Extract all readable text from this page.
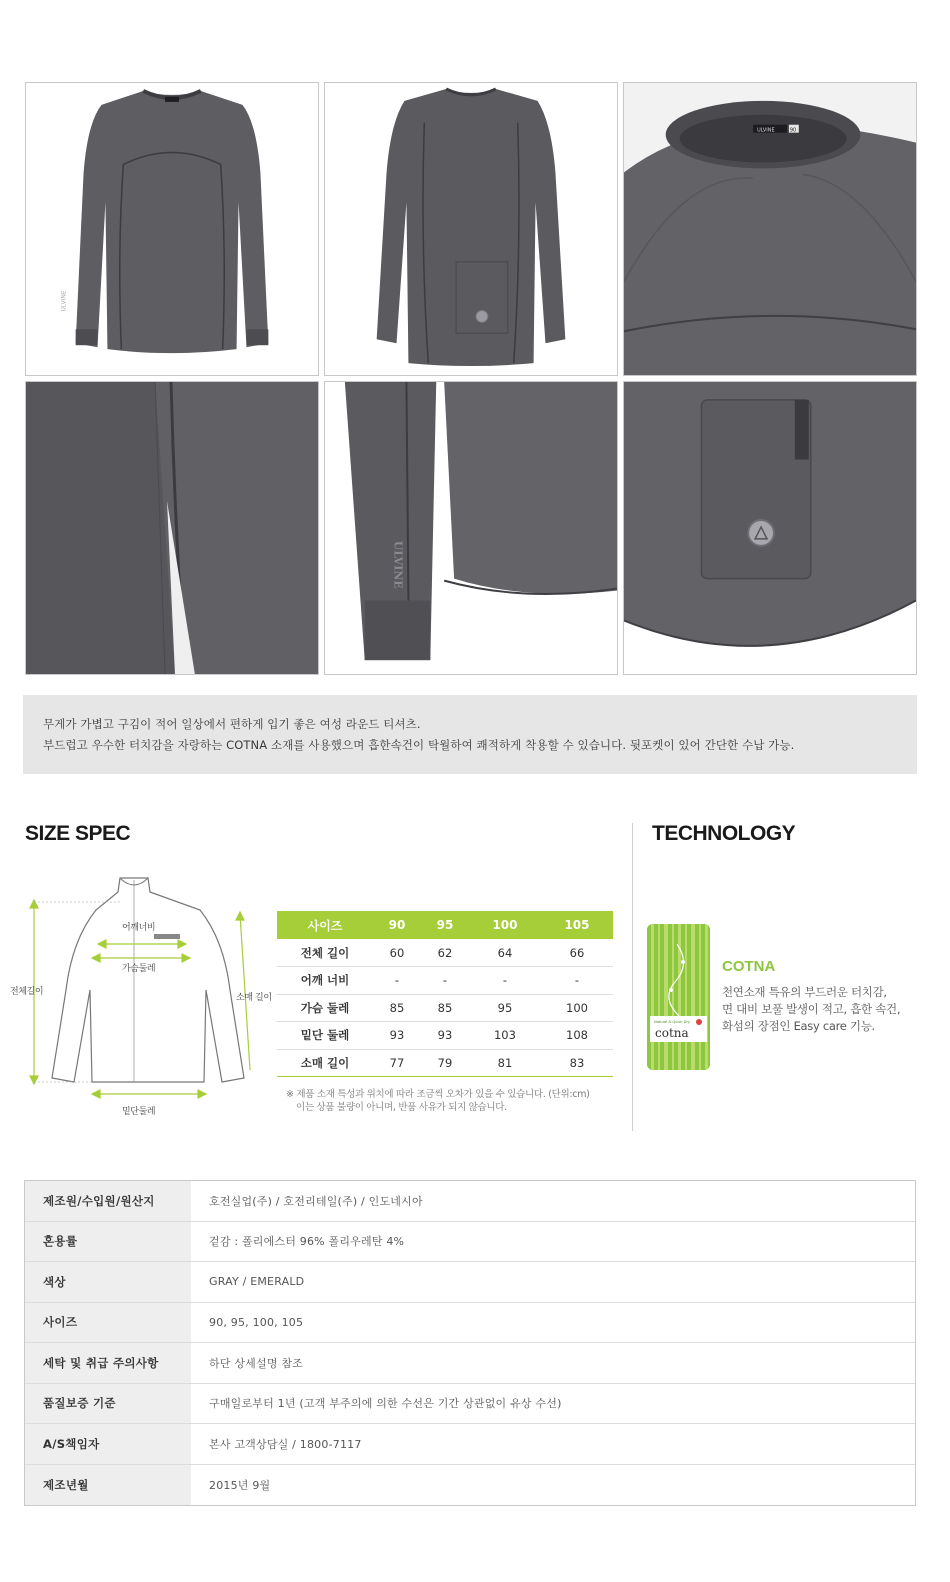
ULVINE
ULVINE	90
ULVINE

무게가 가볍고 구김이 적어 일상에서 편하게 입기 좋은 여성 라운드 티셔츠.

부드럽고 우수한 터치감을 자랑하는 COTNA 소재를 사용했으며 흡한속건이 탁월하여 쾌적하게 착용할 수 있습니다. 뒷포켓이 있어 간단한 수납 가능.

SIZE SPEC	TECHNOLOGY
어깨너비
가슴둘레
전체길이
소매 길이
밑단둘레
사이즈	90	95	100	105
전체 길이	60	62	64	66
어깨 너비	-	-	-	-
가슴 둘레	85	85	95	100
밑단 둘레	93	93	103	108
소매 길이	77	79	81	83
※ 제품 소재 특성과 위치에 따라 조금씩 오차가 있을 수 있습니다. (단위:cm)
이는 상품 불량이 아니며, 반품 사유가 되지 않습니다.
Natural & Quick Dry
cotna
COTNA
천연소재 특유의 부드러운 터치감,
면 대비 보풀 발생이 적고, 흡한 속건,
화섬의 장점인 Easy care 기능.
제조원/수입원/원산지	호전실업(주) / 호전리테일(주) / 인도네시아
혼용률	겉감 : 폴리에스터 96% 폴리우레탄 4%
색상	GRAY / EMERALD
사이즈	90, 95, 100, 105
세탁 및 취급 주의사항	하단 상세설명 참조
품질보증 기준	구매일로부터 1년 (고객 부주의에 의한 수선은 기간 상관없이 유상 수선)
A/S책임자	본사 고객상담실 / 1800-7117
제조년월	2015년 9월
